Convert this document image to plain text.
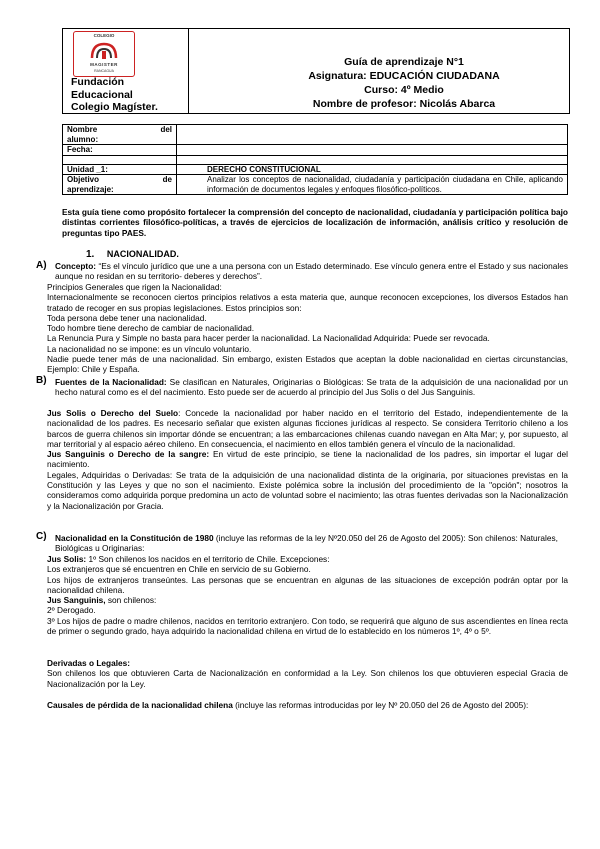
COLEGIO
MAGISTER
RANCAGUA
Fundación
Educacional
Colegio Magíster.
Guía de aprendizaje N°1
Asignatura: EDUCACIÓN CIUDADANA
Curso: 4º Medio
Nombre de profesor: Nicolás Abarca
Nombre del
alumno:	

Fecha:	

Unidad _1:	DERECHO CONSTITUCIONAL

Objetivo de
aprendizaje:	Analizar los conceptos de nacionalidad, ciudadanía y participación ciudadana en Chile, aplicando información de documentos legales y enfoques filosófico-políticos.
Esta guía tiene como propósito fortalecer la comprensión del concepto de nacionalidad, ciudadanía y participación política bajo distintas corrientes filosófico-políticas, a través de ejercicios de localización de información, análisis crítico y resolución de preguntas tipo PAES.
1. NACIONALIDAD.
A) Concepto: “Es el vínculo jurídico que une a una persona con un Estado determinado. Ese vínculo genera entre el Estado y sus nacionales aunque no residan en su territorio- deberes y derechos”.
Principios Generales que rigen la Nacionalidad:
Internacionalmente se reconocen ciertos principios relativos a esta materia que, aunque reconocen excepciones, los diversos Estados han tratado de recoger en sus propias legislaciones. Estos principios son:
Toda persona debe tener una nacionalidad.
Todo hombre tiene derecho de cambiar de nacionalidad.
La Renuncia Pura y Simple no basta para hacer perder la nacionalidad. La Nacionalidad Adquirida: Puede ser revocada.
La nacionalidad no se impone: es un vínculo voluntario.
Nadie puede tener más de una nacionalidad. Sin embargo, existen Estados que aceptan la doble nacionalidad en ciertas circunstancias, Ejemplo: Chile y España.
B) Fuentes de la Nacionalidad: Se clasifican en Naturales, Originarias o Biológicas: Se trata de la adquisición de una nacionalidad por un hecho natural como es el del nacimiento. Esto puede ser de acuerdo al principio del Jus Solis o del Jus Sanguinis.
Jus Solis o Derecho del Suelo: Concede la nacionalidad por haber nacido en el territorio del Estado, independientemente de la nacionalidad de los padres. Es necesario señalar que existen algunas ficciones jurídicas al respecto. Se considera Territorio chileno a los barcos de guerra chilenos sin importar dónde se encuentran; a las embarcaciones chilenas cuando navegan en Alta Mar; y, por supuesto, al mar territorial y al espacio aéreo chileno. En consecuencia, el nacimiento en ellos también genera el vínculo de la nacionalidad.
Jus Sanguinis o Derecho de la sangre: En virtud de este principio, se tiene la nacionalidad de los padres, sin importar el lugar del nacimiento.
Legales, Adquiridas o Derivadas: Se trata de la adquisición de una nacionalidad distinta de la originaria, por situaciones previstas en la Constitución y las Leyes y que no son el nacimiento. Existe polémica sobre la inclusión del procedimiento de la "opción"; nosotros la consideramos como adquirida porque predomina un acto de voluntad sobre el nacimiento; las otras fuentes derivadas son la Nacionalización y la Nacionalización por Gracia.
C) Nacionalidad en la Constitución de 1980 (incluye las reformas de la ley Nº20.050 del 26 de Agosto del 2005): Son chilenos: Naturales, Biológicas u Originarias:
Jus Solis: 1º Son chilenos los nacidos en el territorio de Chile. Excepciones:
Los extranjeros que sé encuentren en Chile en servicio de su Gobierno.
Los hijos de extranjeros transeúntes. Las personas que se encuentran en algunas de las situaciones de excepción podrán optar por la nacionalidad chilena.
Jus Sanguinis, son chilenos:
2º Derogado.
3º Los hijos de padre o madre chilenos, nacidos en territorio extranjero. Con todo, se requerirá que alguno de sus ascendientes en línea recta de primer o segundo grado, haya adquirido la nacionalidad chilena en virtud de lo establecido en los números 1º, 4º o 5º.
Derivadas o Legales:
Son chilenos los que obtuvieren Carta de Nacionalización en conformidad a la Ley. Son chilenos los que obtuvieren especial Gracia de Nacionalización por la Ley.
Causales de pérdida de la nacionalidad chilena (incluye las reformas introducidas por ley Nº 20.050 del 26 de Agosto del 2005):
